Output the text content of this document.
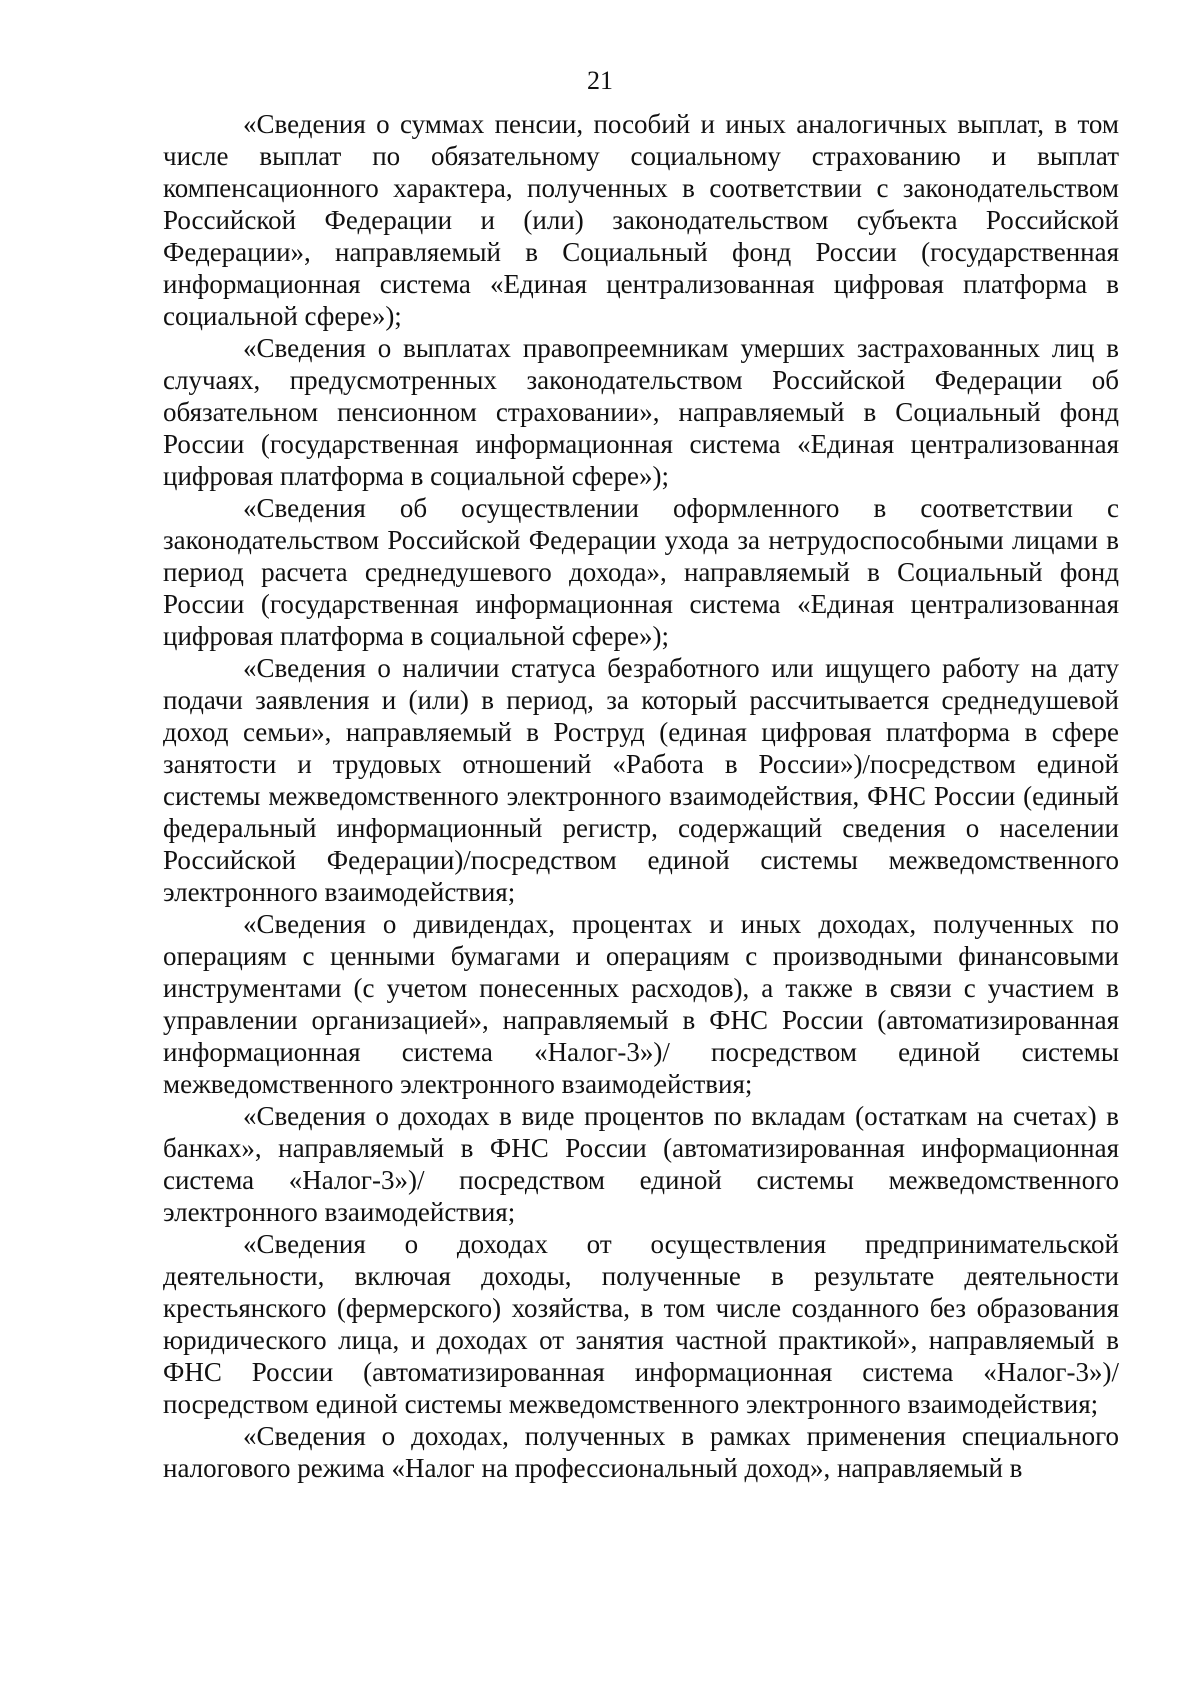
21

«Сведения о суммах пенсии, пособий и иных аналогичных выплат, в том числе выплат по обязательному социальному страхованию и выплат компенсационного характера, полученных в соответствии с законодательством Российской Федерации и (или) законодательством субъекта Российской Федерации», направляемый в Социальный фонд России (государственная информационная система «Единая централизованная цифровая платформа в социальной сфере»);

«Сведения о выплатах правопреемникам умерших застрахованных лиц в случаях, предусмотренных законодательством Российской Федерации об обязательном пенсионном страховании», направляемый в Социальный фонд России (государственная информационная система «Единая централизованная цифровая платформа в социальной сфере»);

«Сведения об осуществлении оформленного в соответствии с законодательством Российской Федерации ухода за нетрудоспособными лицами в период расчета среднедушевого дохода», направляемый в Социальный фонд России (государственная информационная система «Единая централизованная цифровая платформа в социальной сфере»);

«Сведения о наличии статуса безработного или ищущего работу на дату подачи заявления и (или) в период, за который рассчитывается среднедушевой доход семьи», направляемый в Роструд (единая цифровая платформа в сфере занятости и трудовых отношений «Работа в России»)/посредством единой системы межведомственного электронного взаимодействия, ФНС России (единый федеральный информационный регистр, содержащий сведения о населении Российской Федерации)/посредством единой системы межведомственного электронного взаимодействия;

«Сведения о дивидендах, процентах и иных доходах, полученных по операциям с ценными бумагами и операциям с производными финансовыми инструментами (с учетом понесенных расходов), а также в связи с участием в управлении организацией», направляемый в ФНС России (автоматизированная информационная система «Налог-3»)/ посредством единой системы межведомственного электронного взаимодействия;

«Сведения о доходах в виде процентов по вкладам (остаткам на счетах) в банках», направляемый в ФНС России (автоматизированная информационная система «Налог-3»)/ посредством единой системы межведомственного электронного взаимодействия;

«Сведения о доходах от осуществления предпринимательской деятельности, включая доходы, полученные в результате деятельности крестьянского (фермерского) хозяйства, в том числе созданного без образования юридического лица, и доходах от занятия частной практикой», направляемый в ФНС России (автоматизированная информационная система «Налог-3»)/ посредством единой системы межведомственного электронного взаимодействия;

«Сведения о доходах, полученных в рамках применения специального налогового режима «Налог на профессиональный доход», направляемый в
